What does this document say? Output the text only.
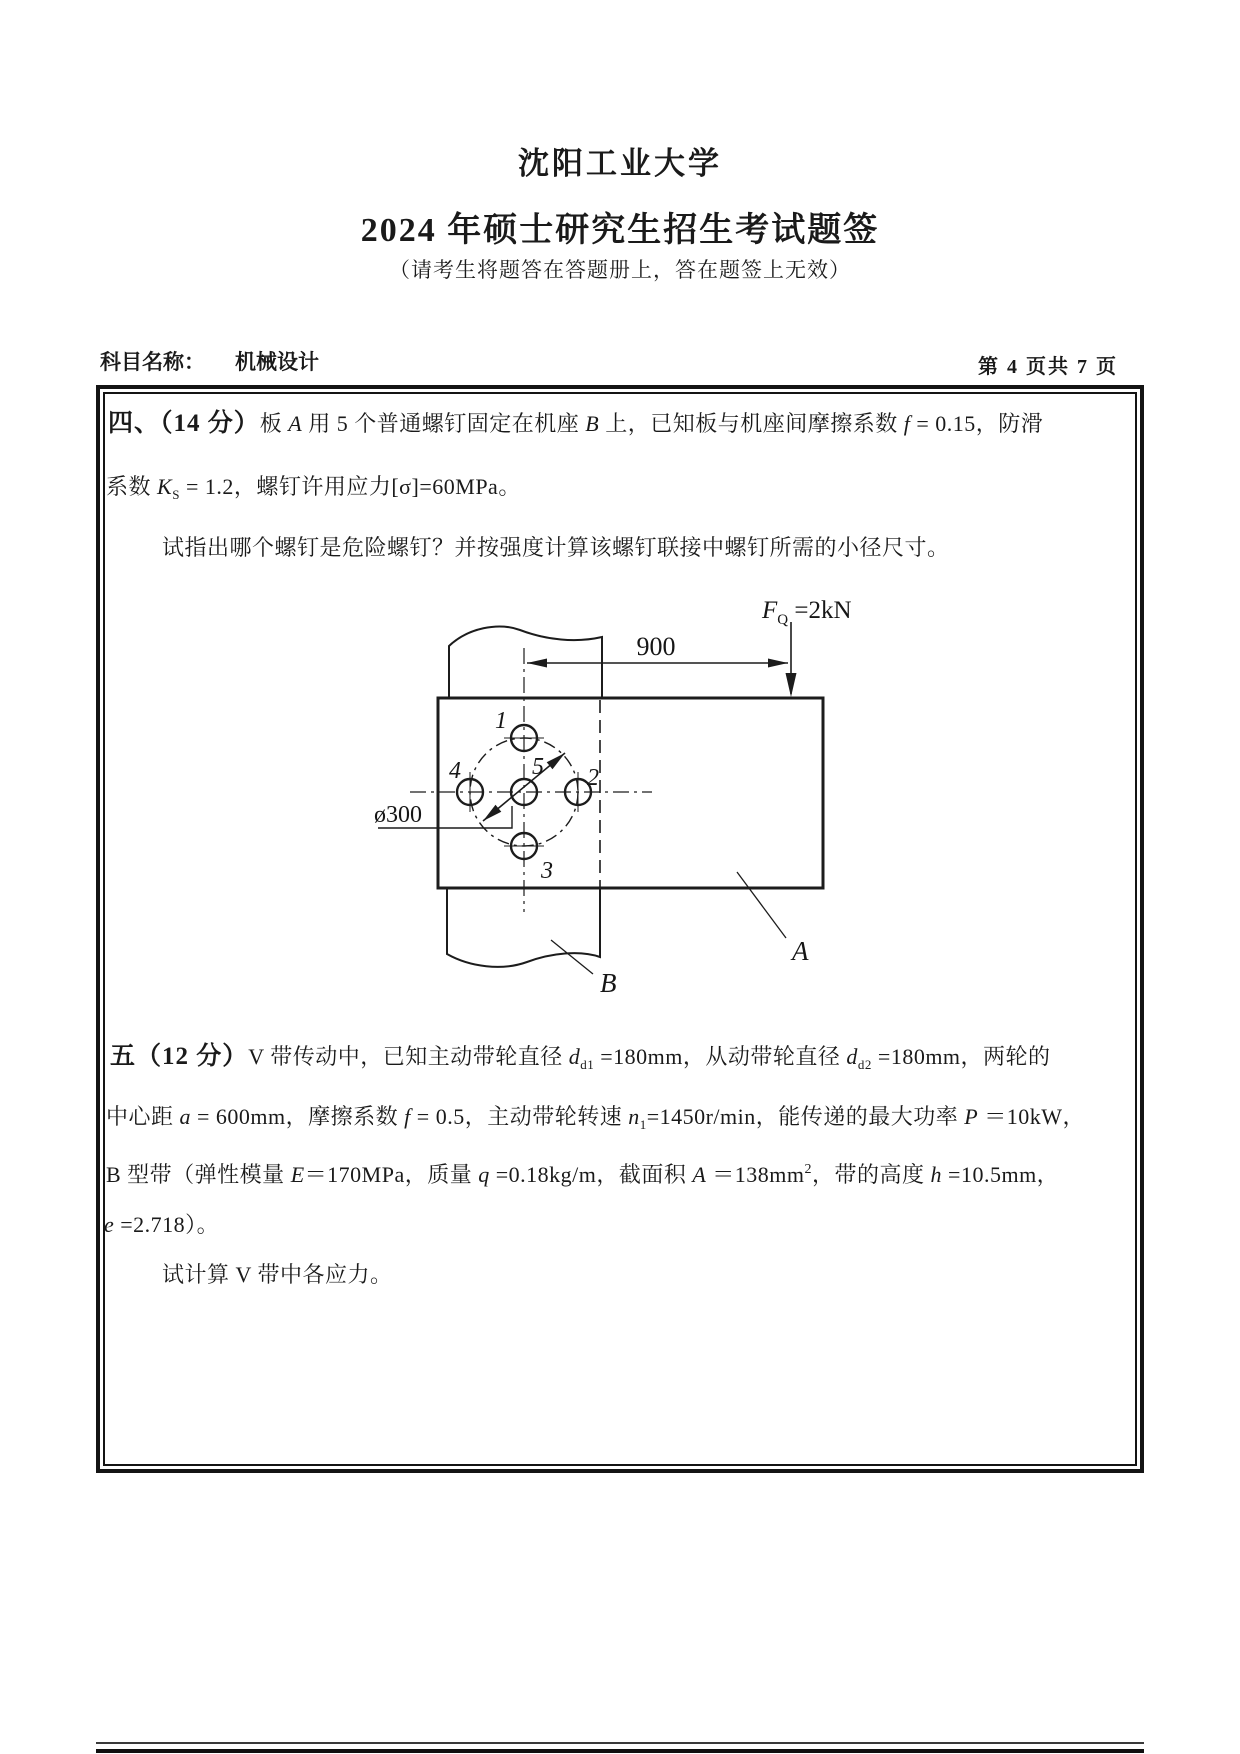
沈阳工业大学
2024 年硕士研究生招生考试题签
（请考生将题答在答题册上，答在题签上无效）
科目名称： 机械设计	第 4 页共 7 页
四、（14 分）板 A 用 5 个普通螺钉固定在机座 B 上，已知板与机座间摩擦系数 f = 0.15，防滑
系数 $K_S = 1.2$，螺钉许用应力[σ]=60MPa。
试指出哪个螺钉是危险螺钉？并按强度计算该螺钉联接中螺钉所需的小径尺寸。
$F_Q =2kN$
900
ø300
1
4	5 2
3
A
B
五（12 分）V 带传动中，已知主动带轮直径 $d_{d1} =180mm$，从动带轮直径 $d_{d2} =180mm$，两轮的
中心距 a = 600mm，摩擦系数 f = 0.5，主动带轮转速 $n_1=1450r/\min$，能传递的最大功率 P ＝10kW，
B 型带（弹性模量 E＝170MPa，质量 q =0.18kg/m，截面积 $A =138mm^2$，带的高度 h =10.5mm，
e =2.718）。
试计算 V 带中各应力。
